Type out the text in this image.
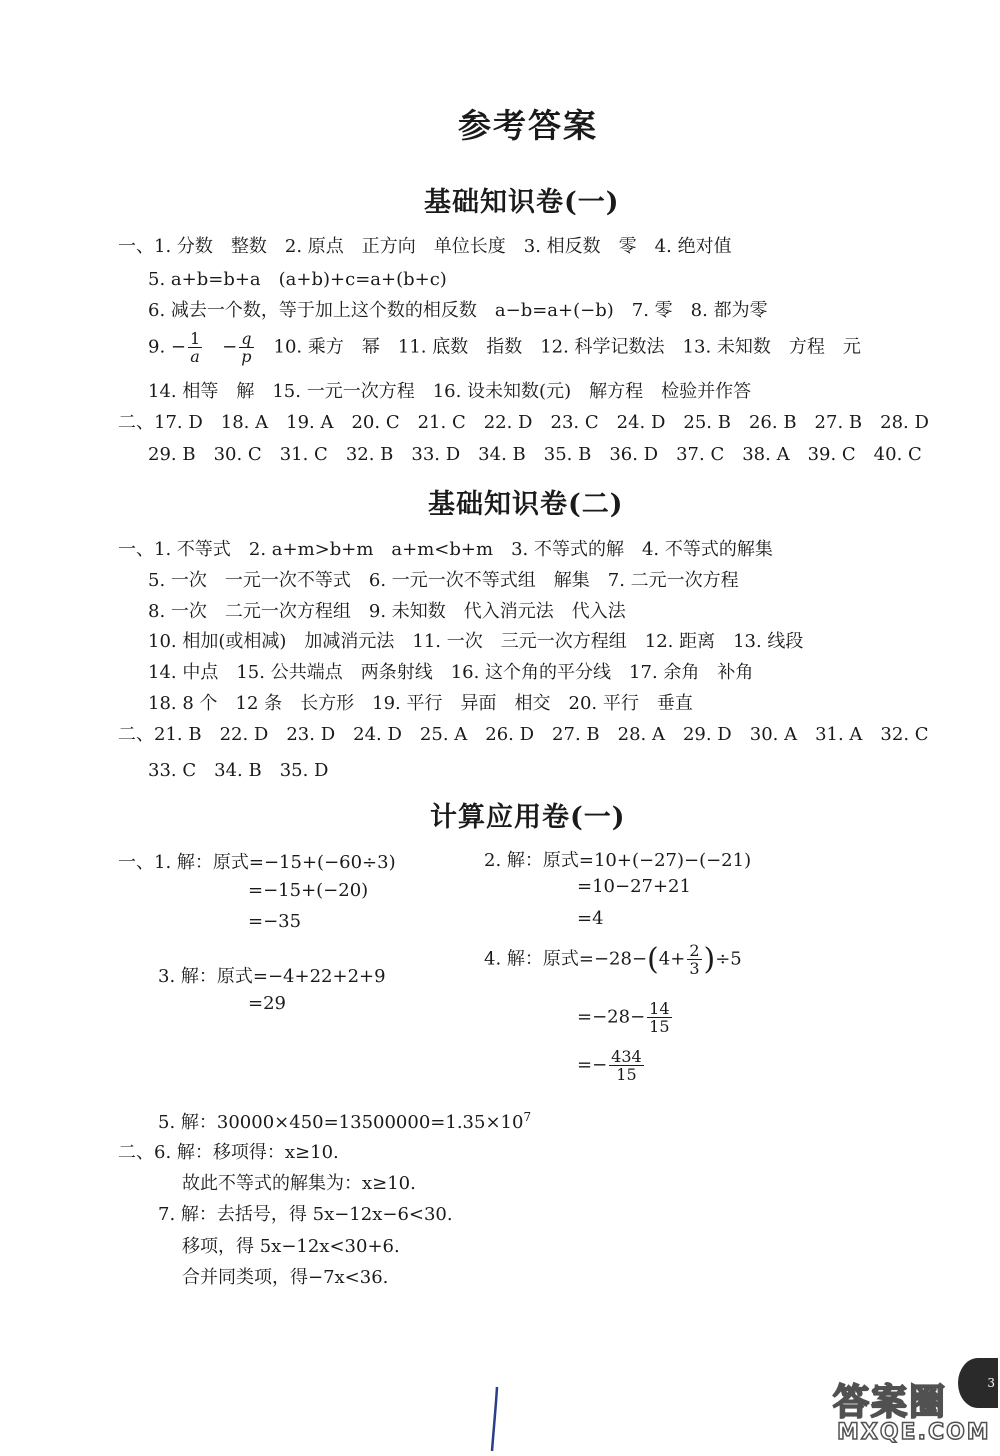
参考答案
基础知识卷(一)
一、1. 分数　整数　2. 原点　正方向　单位长度　3. 相反数　零　4. 绝对值
5. a+b=b+a　(a+b)+c=a+(b+c)
6. 减去一个数，等于加上这个数的相反数　a−b=a+(−b)　7. 零　8. 都为零
9. − $\frac{1}{a}$ 　− $\frac{q}{p}$ 　10. 乘方　幂　11. 底数　指数　12. 科学记数法　13. 未知数　方程　元
14. 相等　解　15. 一元一次方程　16. 设未知数(元)　解方程　检验并作答
二、17. D　18. A　19. A　20. C　21. C　22. D　23. C　24. D　25. B　26. B　27. B　28. D
29. B　30. C　31. C　32. B　33. D　34. B　35. B　36. D　37. C　38. A　39. C　40. C
基础知识卷(二)
一、1. 不等式　2. a+m>b+m　a+m<b+m　3. 不等式的解　4. 不等式的解集
5. 一次　一元一次不等式　6. 一元一次不等式组　解集　7. 二元一次方程
8. 一次　二元一次方程组　9. 未知数　代入消元法　代入法
10. 相加(或相减)　加减消元法　11. 一次　三元一次方程组　12. 距离　13. 线段
14. 中点　15. 公共端点　两条射线　16. 这个角的平分线　17. 余角　补角
18. 8 个　12 条　长方形　19. 平行　异面　相交　20. 平行　垂直
二、21. B　22. D　23. D　24. D　25. A　26. D　27. B　28. A　29. D　30. A　31. A　32. C
33. C　34. B　35. D
计算应用卷(一)
一、1. 解：原式=−15+(−60÷3)
=−15+(−20)
=−35
2. 解：原式=10+(−27)−(−21)
=10−27+21
=4
3. 解：原式=−4+22+2+9
=29
4. 解：原式$=-28-(4+ \frac{2}{3} )\div 5$
$=-28- \frac{14}{15}$
=− $\frac{434}{15}$
5. 解：$30000\times 450=13500000=1.35\times 10^7$
二、6. 解：移项得：x≥10.
故此不等式的解集为：x≥10.
7. 解：去括号，得 5x−12x−6<30.
移项，得 5x−12x<30+6.
合并同类项，得−7x<36.
3
答案圈
MXQE.COM
